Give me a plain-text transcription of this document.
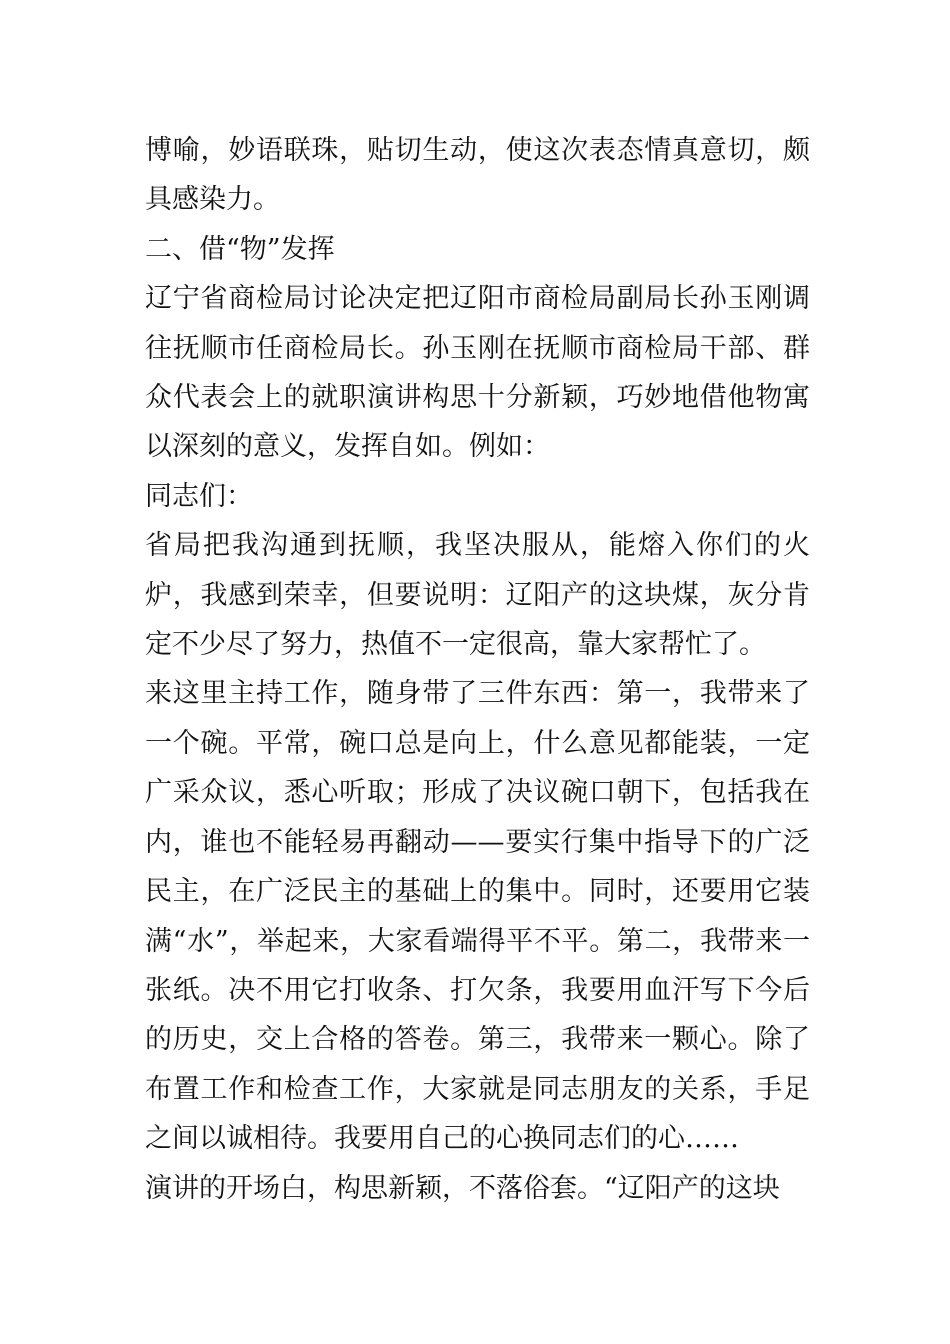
博喻，妙语联珠，贴切生动，使这次表态情真意切，颇具感染力。

二、借“物”发挥

辽宁省商检局讨论决定把辽阳市商检局副局长孙玉刚调往抚顺市任商检局长。孙玉刚在抚顺市商检局干部、群众代表会上的就职演讲构思十分新颖，巧妙地借他物寓以深刻的意义，发挥自如。例如：

同志们：

省局把我沟通到抚顺，我坚决服从，能熔入你们的火炉，我感到荣幸，但要说明：辽阳产的这块煤，灰分肯定不少尽了努力，热值不一定很高，靠大家帮忙了。

来这里主持工作，随身带了三件东西：第一，我带来了一个碗。平常，碗口总是向上，什么意见都能装，一定广采众议，悉心听取；形成了决议碗口朝下，包括我在内，谁也不能轻易再翻动——要实行集中指导下的广泛民主，在广泛民主的基础上的集中。同时，还要用它装满“水”，举起来，大家看端得平不平。第二，我带来一张纸。决不用它打收条、打欠条，我要用血汗写下今后的历史，交上合格的答卷。第三，我带来一颗心。除了布置工作和检查工作，大家就是同志朋友的关系，手足之间以诚相待。我要用自己的心换同志们的心……

演讲的开场白，构思新颖，不落俗套。“辽阳产的这块
